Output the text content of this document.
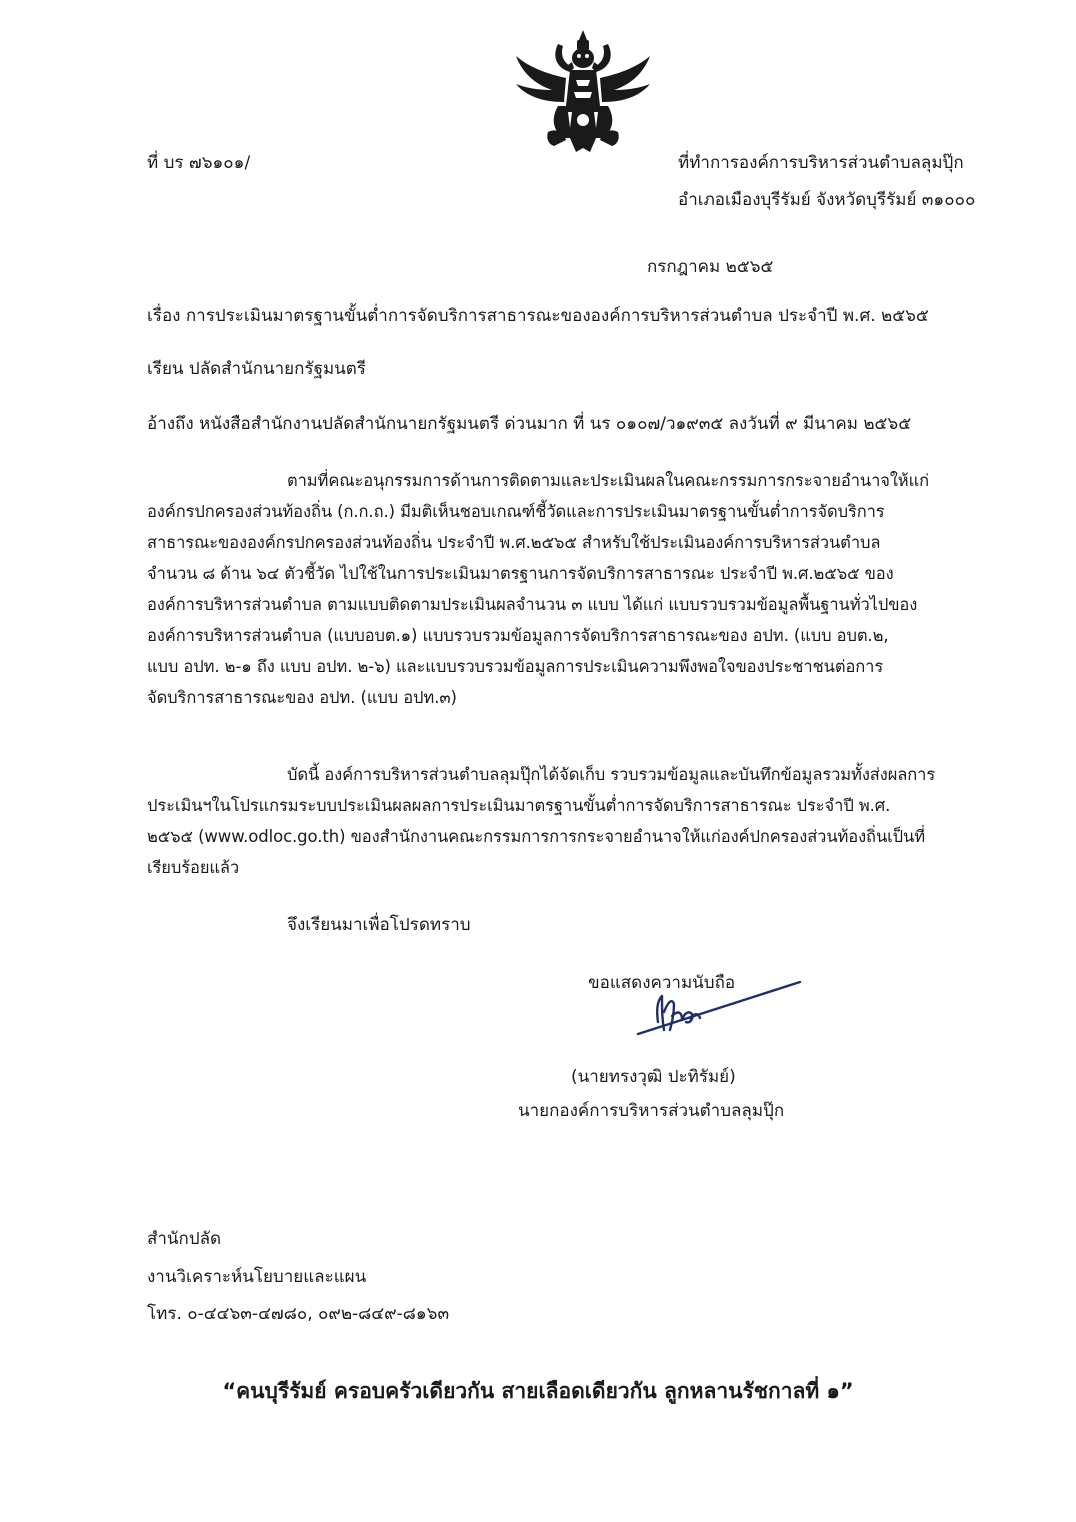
ที่ บร ๗๖๑๐๑/	ที่ทำการองค์การบริหารส่วนตำบลลุมปุ๊ก
อำเภอเมืองบุรีรัมย์ จังหวัดบุรีรัมย์ ๓๑๐๐๐
กรกฎาคม ๒๕๖๕
เรื่อง การประเมินมาตรฐานขั้นต่ำการจัดบริการสาธารณะขององค์การบริหารส่วนตำบล ประจำปี พ.ศ. ๒๕๖๕
เรียน ปลัดสำนักนายกรัฐมนตรี
อ้างถึง หนังสือสำนักงานปลัดสำนักนายกรัฐมนตรี ด่วนมาก ที่ นร ๐๑๐๗/ว๑๙๓๕ ลงวันที่ ๙ มีนาคม ๒๕๖๕
ตามที่คณะอนุกรรมการด้านการติดตามและประเมินผลในคณะกรรมการกระจายอำนาจให้แก่
องค์กรปกครองส่วนท้องถิ่น (ก.ก.ถ.) มีมติเห็นชอบเกณฑ์ชี้วัดและการประเมินมาตรฐานขั้นต่ำการจัดบริการ
สาธารณะขององค์กรปกครองส่วนท้องถิ่น ประจำปี พ.ศ.๒๕๖๕ สำหรับใช้ประเมินองค์การบริหารส่วนตำบล
จำนวน ๘ ด้าน ๖๔ ตัวชี้วัด ไปใช้ในการประเมินมาตรฐานการจัดบริการสาธารณะ ประจำปี พ.ศ.๒๕๖๕ ของ
องค์การบริหารส่วนตำบล ตามแบบติดตามประเมินผลจำนวน ๓ แบบ ได้แก่ แบบรวบรวมข้อมูลพื้นฐานทั่วไปของ
องค์การบริหารส่วนตำบล (แบบอบต.๑) แบบรวบรวมข้อมูลการจัดบริการสาธารณะของ อปท. (แบบ อบต.๒,
แบบ อปท. ๒-๑ ถึง แบบ อปท. ๒-๖) และแบบรวบรวมข้อมูลการประเมินความพึงพอใจของประชาชนต่อการ
จัดบริการสาธารณะของ อปท. (แบบ อปท.๓)
บัดนี้ องค์การบริหารส่วนตำบลลุมปุ๊กได้จัดเก็บ รวบรวมข้อมูลและบันทึกข้อมูลรวมทั้งส่งผลการ
ประเมินฯในโปรแกรมระบบประเมินผลผลการประเมินมาตรฐานขั้นต่ำการจัดบริการสาธารณะ ประจำปี พ.ศ.
๒๕๖๕ (www.odloc.go.th) ของสำนักงานคณะกรรมการการกระจายอำนาจให้แก่องค์ปกครองส่วนท้องถิ่นเป็นที่
เรียบร้อยแล้ว
จึงเรียนมาเพื่อโปรดทราบ
ขอแสดงความนับถือ
(นายทรงวุฒิ ปะทิรัมย์)
นายกองค์การบริหารส่วนตำบลลุมปุ๊ก
สำนักปลัด
งานวิเคราะห์นโยบายและแผน
โทร. ๐-๔๔๖๓-๔๗๘๐, ๐๙๒-๘๔๙-๘๑๖๓
“คนบุรีรัมย์ ครอบครัวเดียวกัน สายเลือดเดียวกัน ลูกหลานรัชกาลที่ ๑”
